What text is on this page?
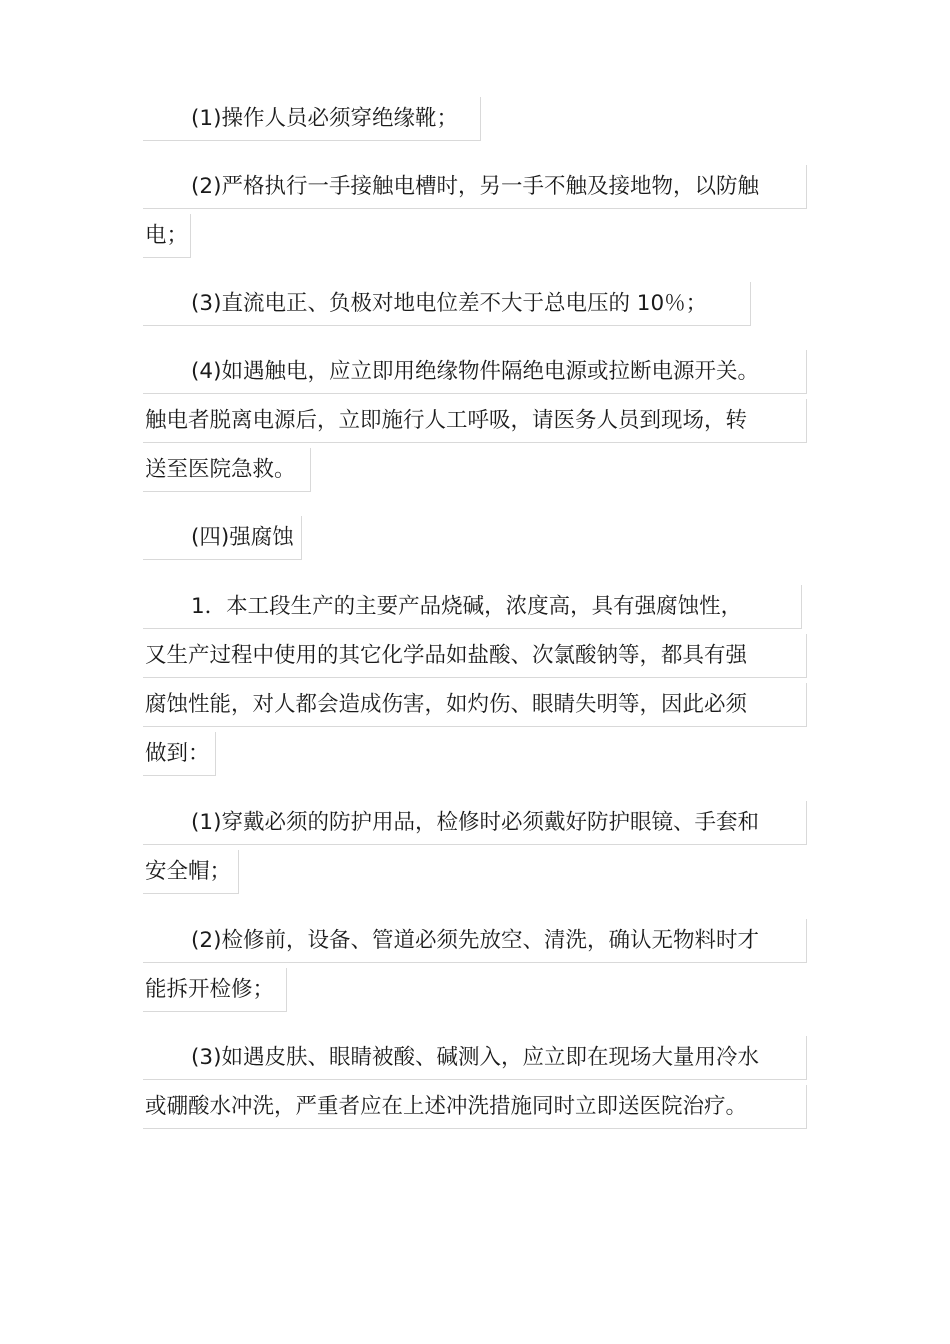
(1)操作人员必须穿绝缘靴；
(2)严格执行一手接触电槽时，另一手不触及接地物，以防触
电；
(3)直流电正、负极对地电位差不大于总电压的 10％；
(4)如遇触电，应立即用绝缘物件隔绝电源或拉断电源开关。
触电者脱离电源后，立即施行人工呼吸，请医务人员到现场，转
送至医院急救。
(四)强腐蚀
1．本工段生产的主要产品烧碱，浓度高，具有强腐蚀性，
又生产过程中使用的其它化学品如盐酸、次氯酸钠等，都具有强
腐蚀性能，对人都会造成伤害，如灼伤、眼睛失明等，因此必须
做到：
(1)穿戴必须的防护用品，检修时必须戴好防护眼镜、手套和
安全帽；
(2)检修前，设备、管道必须先放空、清洗，确认无物料时才
能拆开检修；
(3)如遇皮肤、眼睛被酸、碱测入，应立即在现场大量用冷水
或硼酸水冲洗，严重者应在上述冲洗措施同时立即送医院治疗。
